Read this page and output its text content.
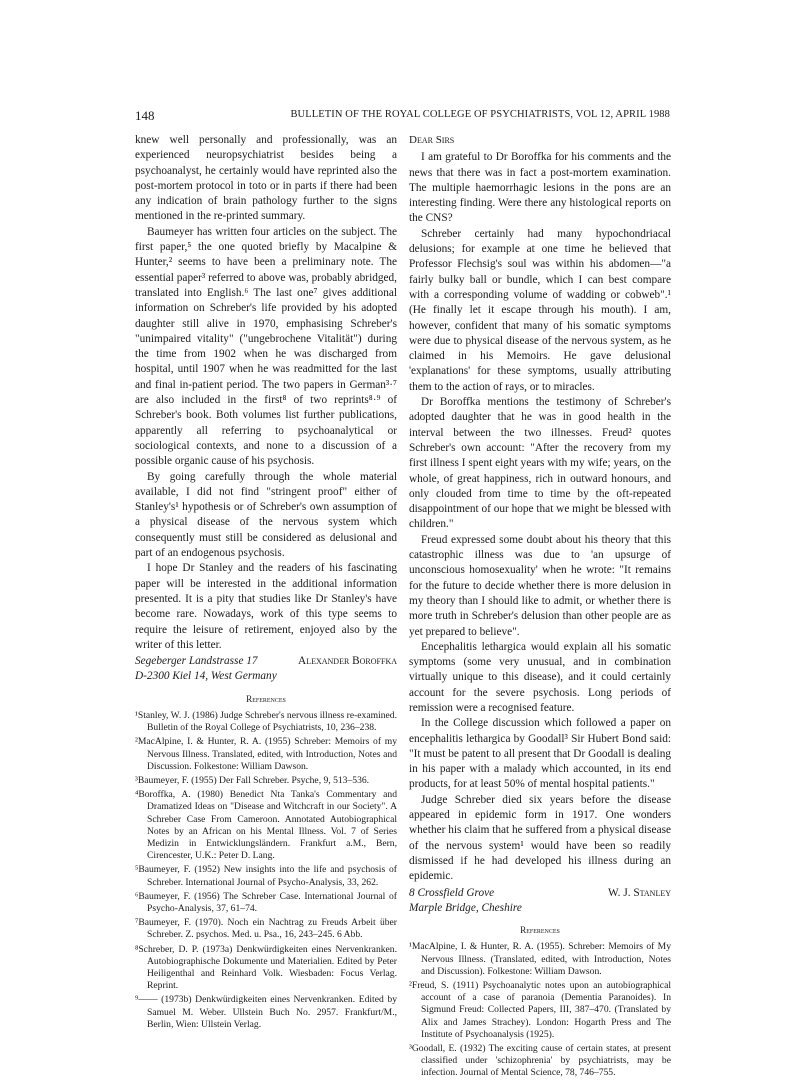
148	BULLETIN OF THE ROYAL COLLEGE OF PSYCHIATRISTS, VOL 12, APRIL 1988

knew well personally and professionally, was an experienced neuropsychiatrist besides being a psychoanalyst, he certainly would have reprinted also the post-mortem protocol in toto or in parts if there had been any indication of brain pathology further to the signs mentioned in the re-printed summary.

Baumeyer has written four articles on the subject. The first paper,⁵ the one quoted briefly by Macalpine & Hunter,² seems to have been a preliminary note. The essential paper³ referred to above was, probably abridged, translated into English.⁶ The last one⁷ gives additional information on Schreber's life provided by his adopted daughter still alive in 1970, emphasising Schreber's "unimpaired vitality" ("ungebrochene Vitalität") during the time from 1902 when he was discharged from hospital, until 1907 when he was readmitted for the last and final in-patient period. The two papers in German³·⁷ are also included in the first⁸ of two reprints⁸·⁹ of Schreber's book. Both volumes list further publications, apparently all referring to psychoanalytical or sociological contexts, and none to a discussion of a possible organic cause of his psychosis.

By going carefully through the whole material available, I did not find "stringent proof" either of Stanley's¹ hypothesis or of Schreber's own assumption of a physical disease of the nervous system which consequently must still be considered as delusional and part of an endogenous psychosis.

I hope Dr Stanley and the readers of his fascinating paper will be interested in the additional information presented. It is a pity that studies like Dr Stanley's have become rare. Nowadays, work of this type seems to require the leisure of retirement, enjoyed also by the writer of this letter.

Segeberger Landstrasse 17	Alexander Boroffka
D-2300 Kiel 14, West Germany
References
¹Stanley, W. J. (1986) Judge Schreber's nervous illness re-examined. Bulletin of the Royal College of Psychiatrists, 10, 236–238.
²MacAlpine, I. & Hunter, R. A. (1955) Schreber: Memoirs of my Nervous Illness. Translated, edited, with Introduction, Notes and Discussion. Folkestone: William Dawson.
³Baumeyer, F. (1955) Der Fall Schreber. Psyche, 9, 513–536.
⁴Boroffka, A. (1980) Benedict Nta Tanka's Commentary and Dramatized Ideas on "Disease and Witchcraft in our Society". A Schreber Case From Cameroon. Annotated Autobiographical Notes by an African on his Mental Illness. Vol. 7 of Series Medizin in Entwicklungsländern. Frankfurt a.M., Bern, Cirencester, U.K.: Peter D. Lang.
⁵Baumeyer, F. (1952) New insights into the life and psychosis of Schreber. International Journal of Psycho-Analysis, 33, 262.
⁶Baumeyer, F. (1956) The Schreber Case. International Journal of Psycho-Analysis, 37, 61–74.
⁷Baumeyer, F. (1970). Noch ein Nachtrag zu Freuds Arbeit über Schreber. Z. psychos. Med. u. Psa., 16, 243–245. 6 Abb.
⁸Schreber, D. P. (1973a) Denkwürdigkeiten eines Nervenkranken. Autobiographische Dokumente und Materialien. Edited by Peter Heiligenthal and Reinhard Volk. Wiesbaden: Focus Verlag. Reprint.
⁹—— (1973b) Denkwürdigkeiten eines Nervenkranken. Edited by Samuel M. Weber. Ullstein Buch No. 2957. Frankfurt/M., Berlin, Wien: Ullstein Verlag.
Dear Sirs

I am grateful to Dr Boroffka for his comments and the news that there was in fact a post-mortem examination. The multiple haemorrhagic lesions in the pons are an interesting finding. Were there any histological reports on the CNS?

Schreber certainly had many hypochondriacal delusions; for example at one time he believed that Professor Flechsig's soul was within his abdomen—"a fairly bulky ball or bundle, which I can best compare with a corresponding volume of wadding or cobweb".¹ (He finally let it escape through his mouth). I am, however, confident that many of his somatic symptoms were due to physical disease of the nervous system, as he claimed in his Memoirs. He gave delusional 'explanations' for these symptoms, usually attributing them to the action of rays, or to miracles.

Dr Boroffka mentions the testimony of Schreber's adopted daughter that he was in good health in the interval between the two illnesses. Freud² quotes Schreber's own account: "After the recovery from my first illness I spent eight years with my wife; years, on the whole, of great happiness, rich in outward honours, and only clouded from time to time by the oft-repeated disappointment of our hope that we might be blessed with children."

Freud expressed some doubt about his theory that this catastrophic illness was due to 'an upsurge of unconscious homosexuality' when he wrote: "It remains for the future to decide whether there is more delusion in my theory than I should like to admit, or whether there is more truth in Schreber's delusion than other people are as yet prepared to believe".

Encephalitis lethargica would explain all his somatic symptoms (some very unusual, and in combination virtually unique to this disease), and it could certainly account for the severe psychosis. Long periods of remission were a recognised feature.

In the College discussion which followed a paper on encephalitis lethargica by Goodall³ Sir Hubert Bond said: "It must be patent to all present that Dr Goodall is dealing in his paper with a malady which accounted, in its end products, for at least 50% of mental hospital patients."

Judge Schreber died six years before the disease appeared in epidemic form in 1917. One wonders whether his claim that he suffered from a physical disease of the nervous system¹ would have been so readily dismissed if he had developed his illness during an epidemic.

8 Crossfield Grove	W. J. Stanley
Marple Bridge, Cheshire
References
¹MacAlpine, I. & Hunter, R. A. (1955). Schreber: Memoirs of My Nervous Illness. (Translated, edited, with Introduction, Notes and Discussion). Folkestone: William Dawson.
²Freud, S. (1911) Psychoanalytic notes upon an autobiographical account of a case of paranoia (Dementia Paranoides). In Sigmund Freud: Collected Papers, III, 387–470. (Translated by Alix and James Strachey). London: Hogarth Press and The Institute of Psychoanalysis (1925).
³Goodall, E. (1932) The exciting cause of certain states, at present classified under 'schizophrenia' by psychiatrists, may be infection. Journal of Mental Science, 78, 746–755.
